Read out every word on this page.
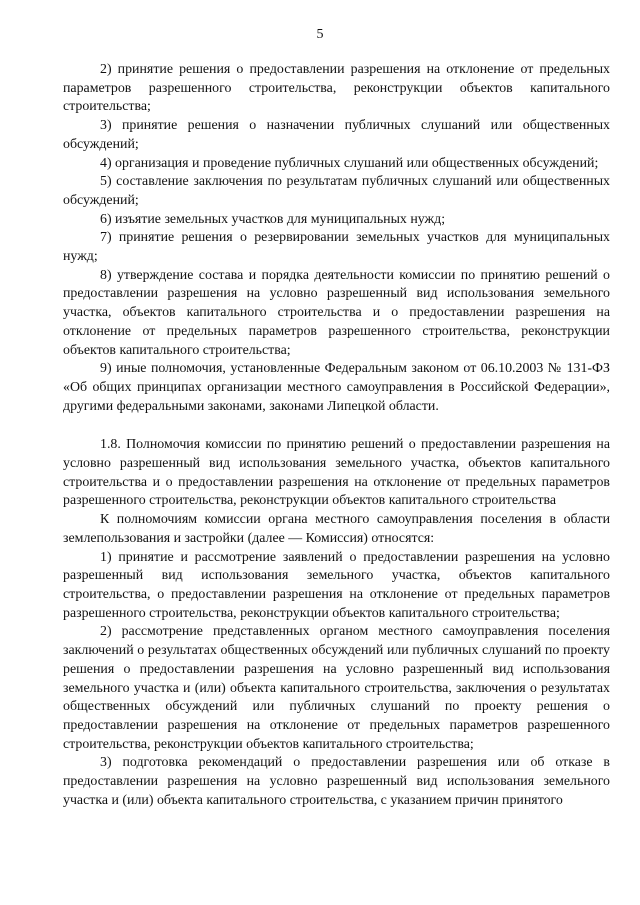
5

2) принятие решения о предоставлении разрешения на отклонение от предельных параметров разрешенного строительства, реконструкции объектов капитального строительства;

3) принятие решения о назначении публичных слушаний или общественных обсуждений;

4) организация и проведение публичных слушаний или общественных обсуждений;

5) составление заключения по результатам публичных слушаний или общественных обсуждений;

6) изъятие земельных участков для муниципальных нужд;

7) принятие решения о резервировании земельных участков для муниципальных нужд;

8) утверждение состава и порядка деятельности комиссии по принятию решений о предоставлении разрешения на условно разрешенный вид использования земельного участка, объектов капитального строительства и о предоставлении разрешения на отклонение от предельных параметров разрешенного строительства, реконструкции объектов капитального строительства;

9) иные полномочия, установленные Федеральным законом от 06.10.2003 № 131-ФЗ «Об общих принципах организации местного самоуправления в Российской Федерации», другими федеральными законами, законами Липецкой области.

1.8. Полномочия комиссии по принятию решений о предоставлении разрешения на условно разрешенный вид использования земельного участка, объектов капитального строительства и о предоставлении разрешения на отклонение от предельных параметров разрешенного строительства, реконструкции объектов капитального строительства

К полномочиям комиссии органа местного самоуправления поселения в области землепользования и застройки (далее — Комиссия) относятся:

1) принятие и рассмотрение заявлений о предоставлении разрешения на условно разрешенный вид использования земельного участка, объектов капитального строительства, о предоставлении разрешения на отклонение от предельных параметров разрешенного строительства, реконструкции объектов капитального строительства;

2) рассмотрение представленных органом местного самоуправления поселения заключений о результатах общественных обсуждений или публичных слушаний по проекту решения о предоставлении разрешения на условно разрешенный вид использования земельного участка и (или) объекта капитального строительства, заключения о результатах общественных обсуждений или публичных слушаний по проекту решения о предоставлении разрешения на отклонение от предельных параметров разрешенного строительства, реконструкции объектов капитального строительства;

3) подготовка рекомендаций о предоставлении разрешения или об отказе в предоставлении разрешения на условно разрешенный вид использования земельного участка и (или) объекта капитального строительства, с указанием причин принятого
